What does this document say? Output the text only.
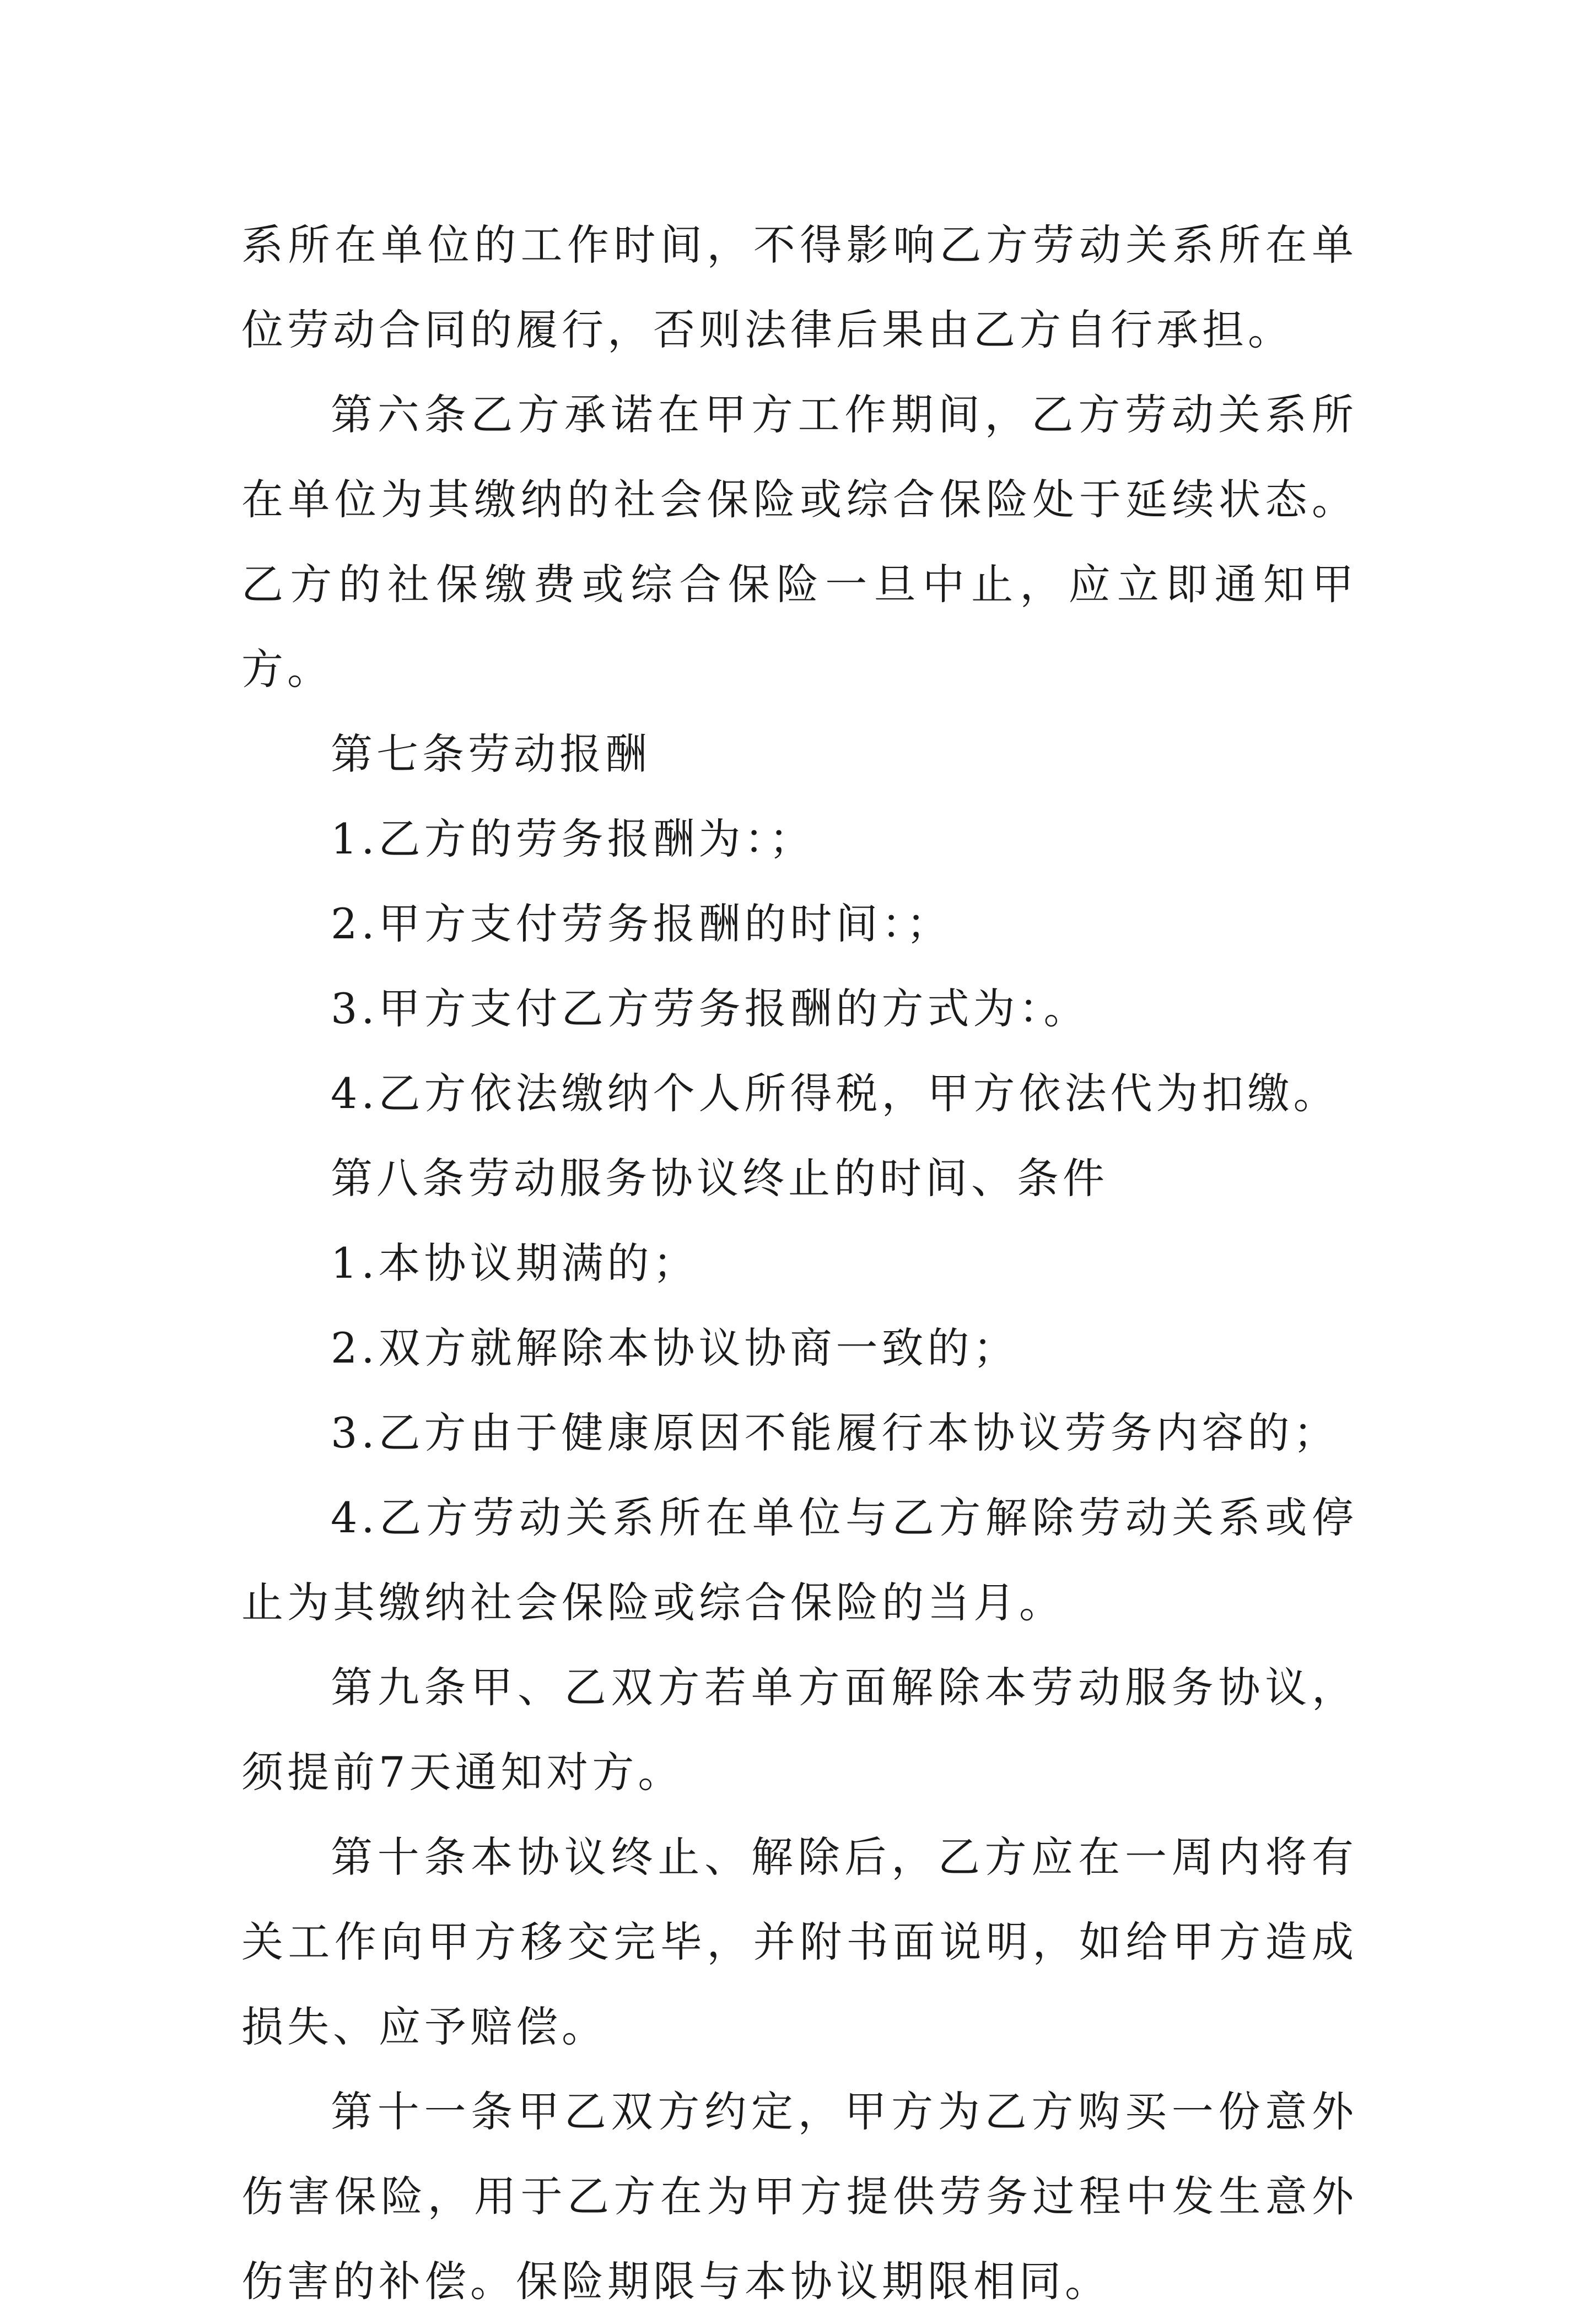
系所在单位的工作时间，不得影响乙方劳动关系所在单位劳动合同的履行，否则法律后果由乙方自行承担。

第六条乙方承诺在甲方工作期间，乙方劳动关系所在单位为其缴纳的社会保险或综合保险处于延续状态。乙方的社保缴费或综合保险一旦中止，应立即通知甲方。

第七条劳动报酬

1.乙方的劳务报酬为：；

2.甲方支付劳务报酬的时间：；

3.甲方支付乙方劳务报酬的方式为：。

4.乙方依法缴纳个人所得税，甲方依法代为扣缴。

第八条劳动服务协议终止的时间、条件

1.本协议期满的；

2.双方就解除本协议协商一致的；

3.乙方由于健康原因不能履行本协议劳务内容的；

4.乙方劳动关系所在单位与乙方解除劳动关系或停止为其缴纳社会保险或综合保险的当月。

第九条甲、乙双方若单方面解除本劳动服务协议，须提前7天通知对方。

第十条本协议终止、解除后，乙方应在一周内将有关工作向甲方移交完毕，并附书面说明，如给甲方造成损失、应予赔偿。

第十一条甲乙双方约定，甲方为乙方购买一份意外伤害保险，用于乙方在为甲方提供劳务过程中发生意外伤害的补偿。保险期限与本协议期限相同。
